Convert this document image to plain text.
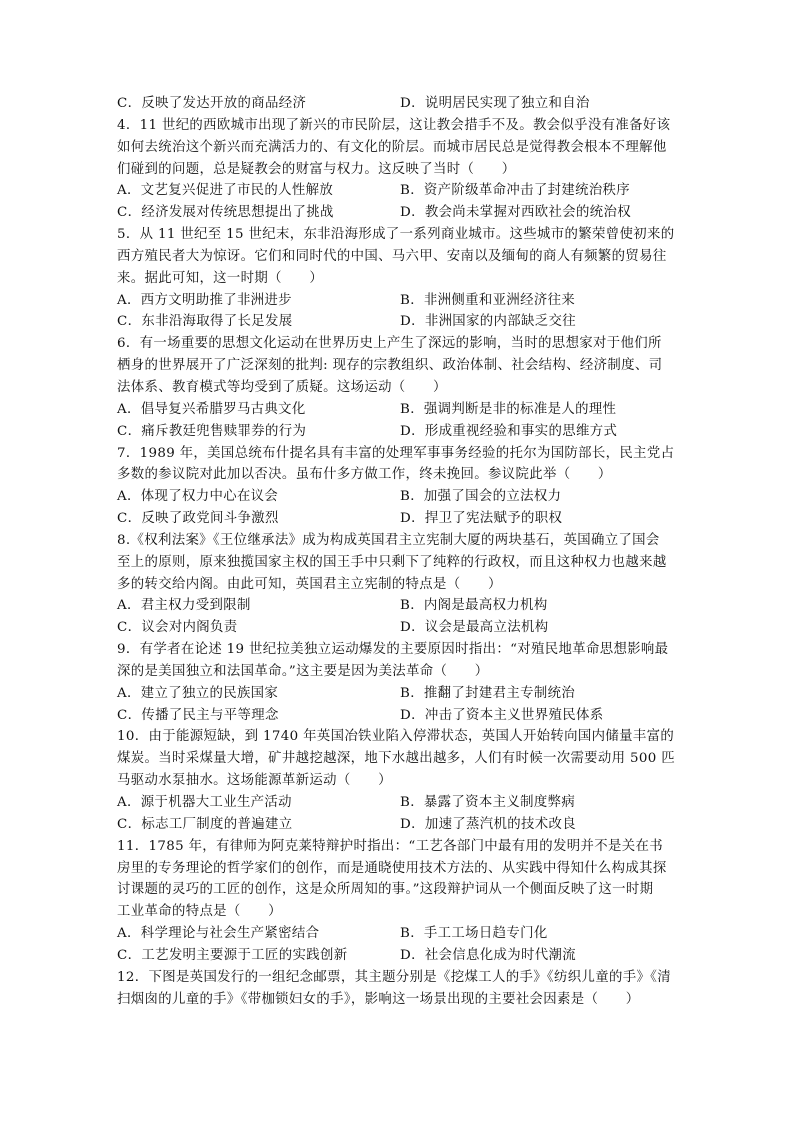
C．反映了发达开放的商品经济	D．说明居民实现了独立和自治
4．11 世纪的西欧城市出现了新兴的市民阶层，这让教会措手不及。教会似乎没有准备好该
如何去统治这个新兴而充满活力的、有文化的阶层。而城市居民总是觉得教会根本不理解他
们碰到的问题，总是疑教会的财富与权力。这反映了当时（　　）
A．文艺复兴促进了市民的人性解放	B．资产阶级革命冲击了封建统治秩序
C．经济发展对传统思想提出了挑战	D．教会尚未掌握对西欧社会的统治权
5．从 11 世纪至 15 世纪末，东非沿海形成了一系列商业城市。这些城市的繁荣曾使初来的
西方殖民者大为惊讶。它们和同时代的中国、马六甲、安南以及缅甸的商人有频繁的贸易往
来。据此可知，这一时期（　　）
A．西方文明助推了非洲进步	B．非洲侧重和亚洲经济往来
C．东非沿海取得了长足发展	D．非洲国家的内部缺乏交往
6．有一场重要的思想文化运动在世界历史上产生了深远的影响，当时的思想家对于他们所
栖身的世界展开了广泛深刻的批判: 现存的宗教组织、政治体制、社会结构、经济制度、司
法体系、教育模式等均受到了质疑。这场运动（　　）
A．倡导复兴希腊罗马古典文化	B．强调判断是非的标准是人的理性
C．痛斥教廷兜售赎罪券的行为	D．形成重视经验和事实的思维方式
7．1989 年，美国总统布什提名具有丰富的处理军事事务经验的托尔为国防部长，民主党占
多数的参议院对此加以否决。虽布什多方做工作，终未挽回。参议院此举（　　）
A．体现了权力中心在议会	B．加强了国会的立法权力
C．反映了政党间斗争激烈	D．捍卫了宪法赋予的职权
8.《权利法案》《王位继承法》成为构成英国君主立宪制大厦的两块基石，英国确立了国会
至上的原则，原来独揽国家主权的国王手中只剩下了纯粹的行政权，而且这种权力也越来越
多的转交给内阁。由此可知，英国君主立宪制的特点是（　　）
A．君主权力受到限制	B．内阁是最高权力机构
C．议会对内阁负责	D．议会是最高立法机构
9．有学者在论述 19 世纪拉美独立运动爆发的主要原因时指出：“对殖民地革命思想影响最
深的是美国独立和法国革命。”这主要是因为美法革命（　　）
A．建立了独立的民族国家	B．推翻了封建君主专制统治
C．传播了民主与平等理念	D．冲击了资本主义世界殖民体系
10．由于能源短缺，到 1740 年英国冶铁业陷入停滞状态，英国人开始转向国内储量丰富的
煤炭。当时采煤量大增，矿井越挖越深，地下水越出越多，人们有时候一次需要动用 500 匹
马驱动水泵抽水。这场能源革新运动（　　）
A．源于机器大工业生产活动	B．暴露了资本主义制度弊病
C．标志工厂制度的普遍建立	D．加速了蒸汽机的技术改良
11．1785 年，有律师为阿克莱特辩护时指出：“工艺各部门中最有用的发明并不是关在书
房里的专务理论的哲学家们的创作，而是通晓使用技术方法的、从实践中得知什么构成其探
讨课题的灵巧的工匠的创作，这是众所周知的事。”这段辩护词从一个侧面反映了这一时期
工业革命的特点是（　　）
A．科学理论与社会生产紧密结合	B．手工工场日趋专门化
C．工艺发明主要源于工匠的实践创新	D．社会信息化成为时代潮流
12．下图是英国发行的一组纪念邮票，其主题分别是《挖煤工人的手》《纺织儿童的手》《清
扫烟囱的儿童的手》《带枷锁妇女的手》，影响这一场景出现的主要社会因素是（　　）
